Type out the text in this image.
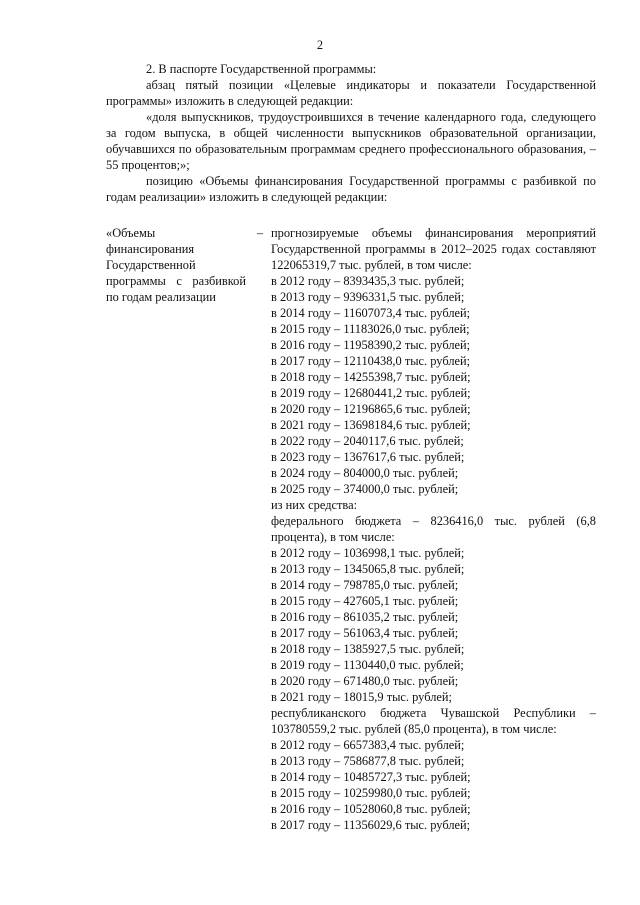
2

2. В паспорте Государственной программы:

абзац пятый позиции «Целевые индикаторы и показатели Государственной программы» изложить в следующей редакции:

«доля выпускников, трудоустроившихся в течение календарного года, следующего за годом выпуска, в общей численности выпускников образовательной организации, обучавшихся по образовательным программам среднего профессионального образования, – 55 процентов;»;

позицию «Объемы финансирования Государственной программы с разбивкой по годам реализации» изложить в следующей редакции:

«Объемы финансирования Государственной программы с разбивкой по годам реализации
– прогнозируемые объемы финансирования мероприятий Государственной программы в 2012–2025 годах составляют 122065319,7 тыс. рублей, в том числе:
в 2012 году – 8393435,3 тыс. рублей;
в 2013 году – 9396331,5 тыс. рублей;
в 2014 году – 11607073,4 тыс. рублей;
в 2015 году – 11183026,0 тыс. рублей;
в 2016 году – 11958390,2 тыс. рублей;
в 2017 году – 12110438,0 тыс. рублей;
в 2018 году – 14255398,7 тыс. рублей;
в 2019 году – 12680441,2 тыс. рублей;
в 2020 году – 12196865,6 тыс. рублей;
в 2021 году – 13698184,6 тыс. рублей;
в 2022 году – 2040117,6 тыс. рублей;
в 2023 году – 1367617,6 тыс. рублей;
в 2024 году – 804000,0 тыс. рублей;
в 2025 году – 374000,0 тыс. рублей;
из них средства:
федерального бюджета – 8236416,0 тыс. рублей (6,8 процента), в том числе:
в 2012 году – 1036998,1 тыс. рублей;
в 2013 году – 1345065,8 тыс. рублей;
в 2014 году – 798785,0 тыс. рублей;
в 2015 году – 427605,1 тыс. рублей;
в 2016 году – 861035,2 тыс. рублей;
в 2017 году – 561063,4 тыс. рублей;
в 2018 году – 1385927,5 тыс. рублей;
в 2019 году – 1130440,0 тыс. рублей;
в 2020 году – 671480,0 тыс. рублей;
в 2021 году – 18015,9 тыс. рублей;
республиканского бюджета Чувашской Республики – 103780559,2 тыс. рублей (85,0 процента), в том числе:
в 2012 году – 6657383,4 тыс. рублей;
в 2013 году – 7586877,8 тыс. рублей;
в 2014 году – 10485727,3 тыс. рублей;
в 2015 году – 10259980,0 тыс. рублей;
в 2016 году – 10528060,8 тыс. рублей;
в 2017 году – 11356029,6 тыс. рублей;
